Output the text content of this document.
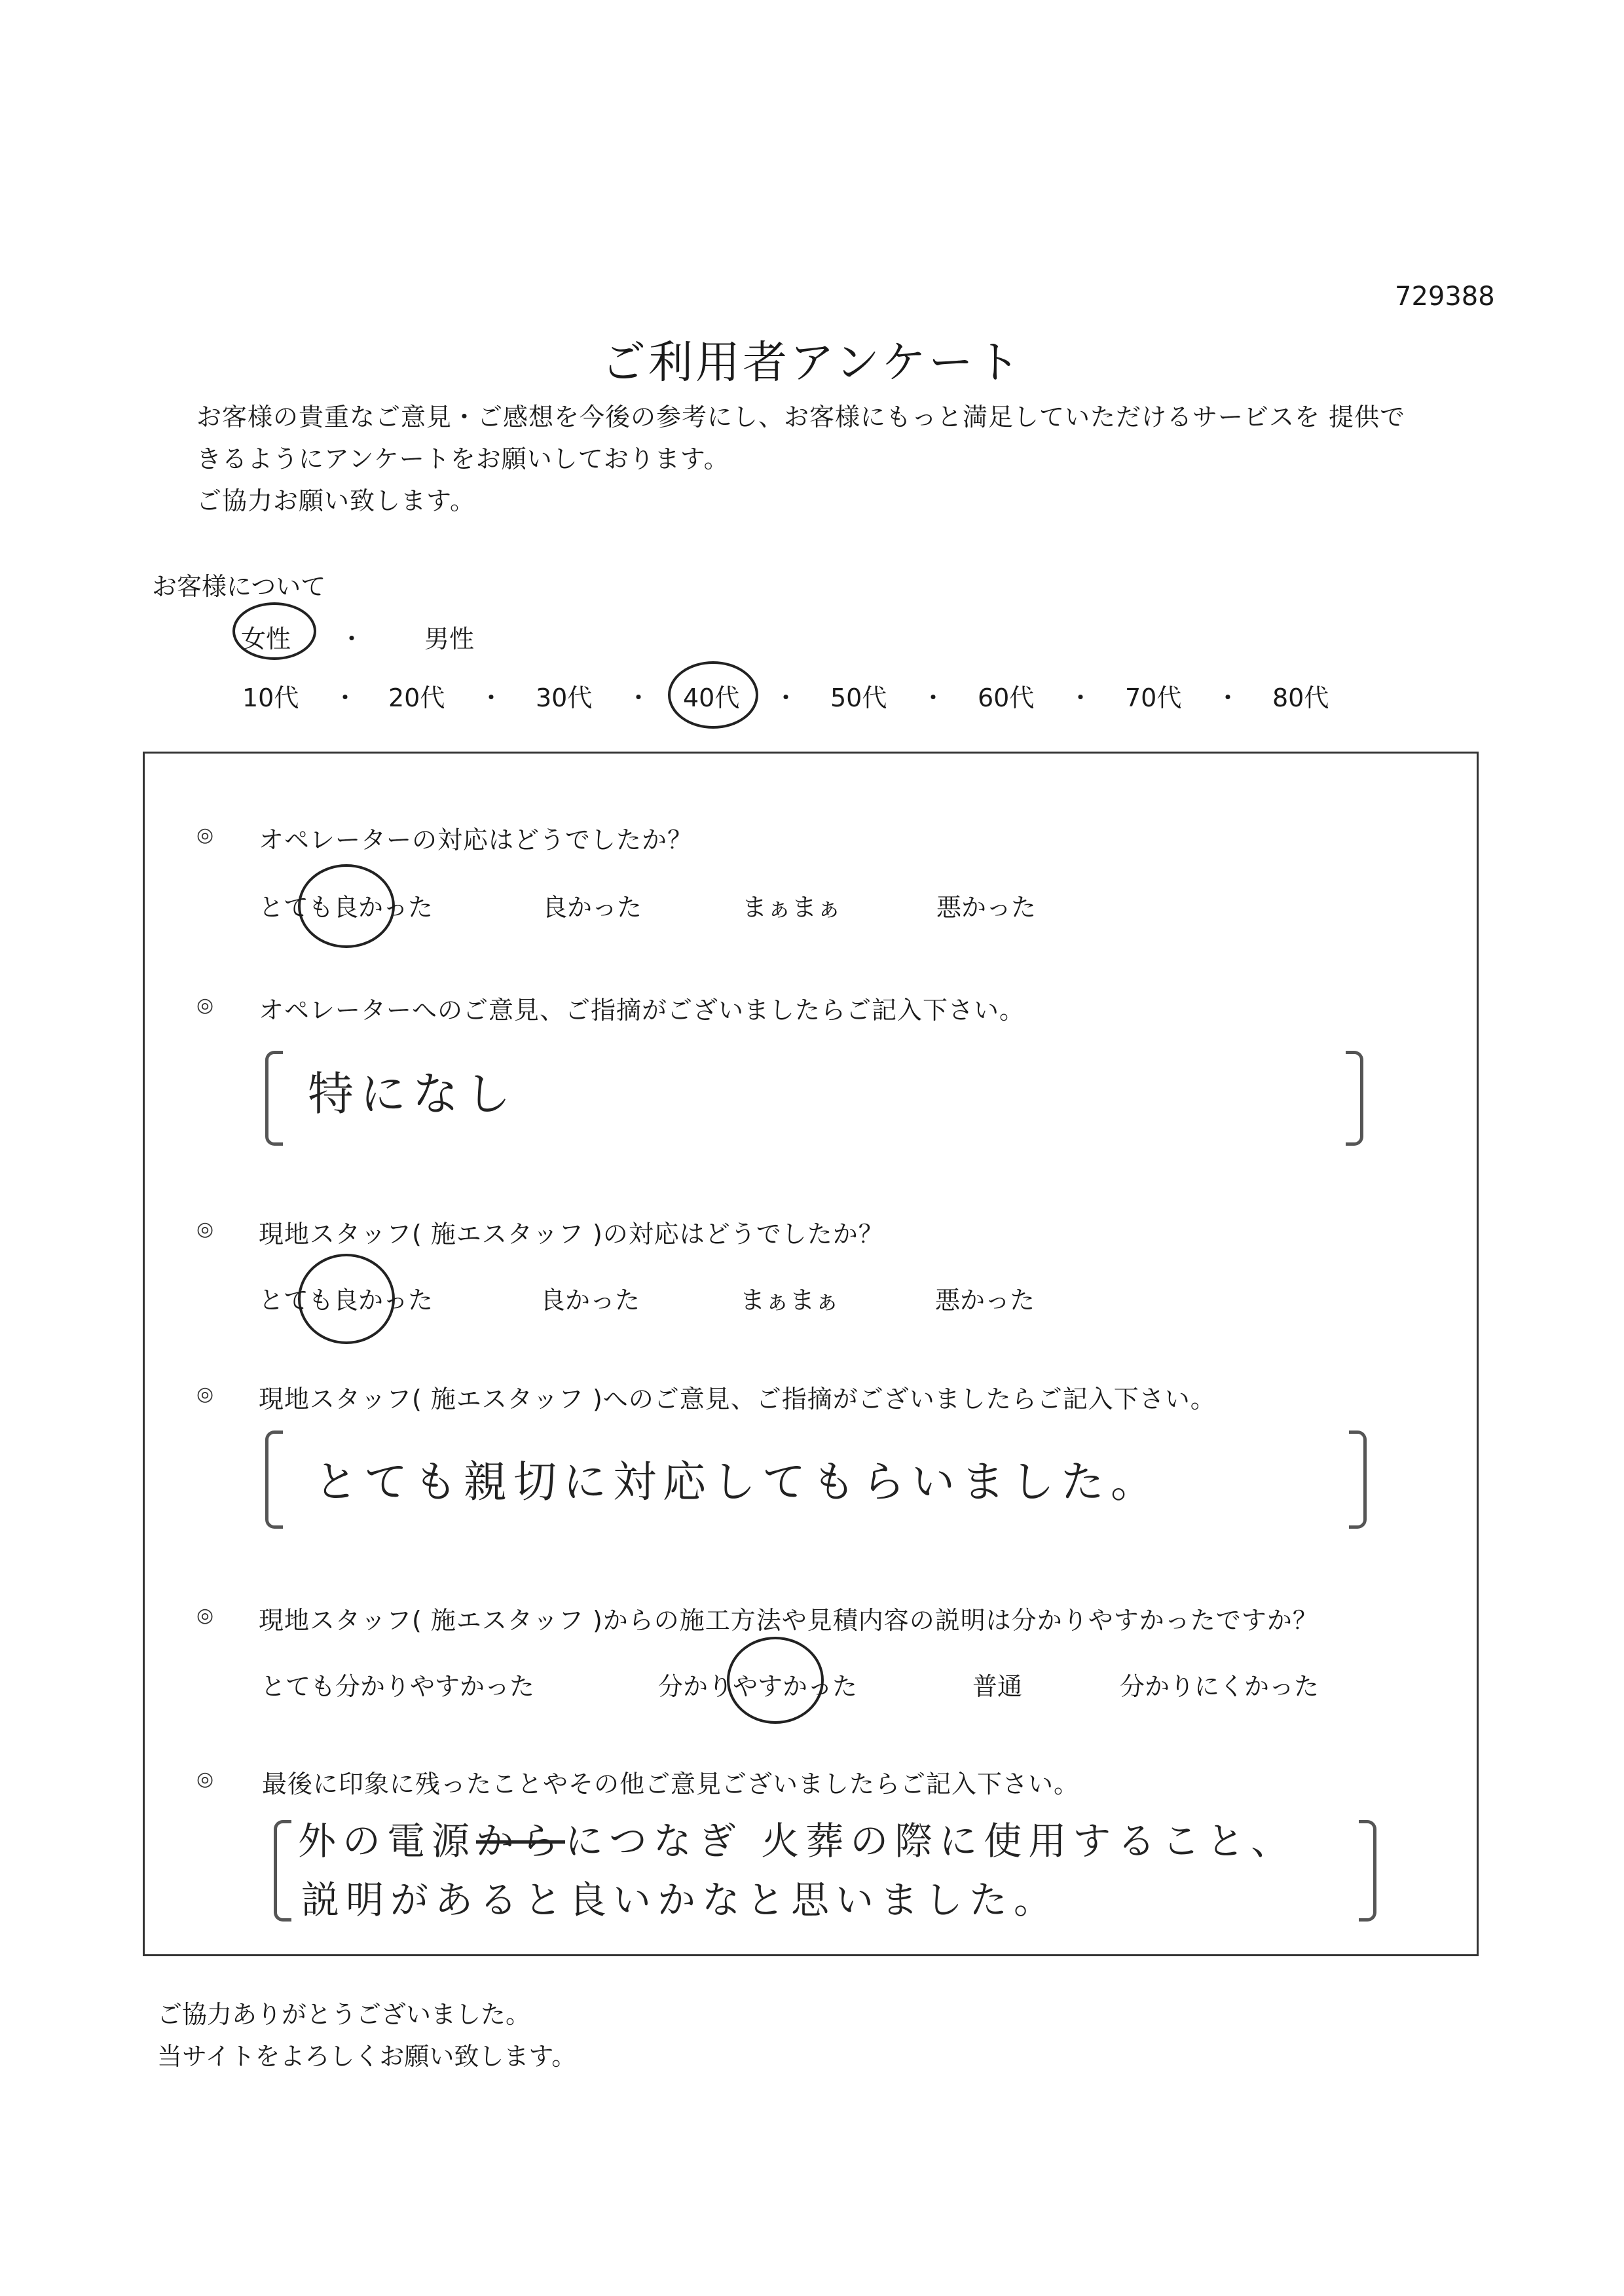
729388
ご利用者アンケート

お客様の貴重なご意見・ご感想を今後の参考にし、お客様にもっと満足していただけるサービスを 提供で

きるようにアンケートをお願いしております。

ご協力お願い致します。

お客様について
女性 ・ 男性
10代 ・ 20代 ・ 30代 ・ 40代 ・ 50代 ・ 60代 ・ 70代 ・ 80代
◎ オペレーターの対応はどうでしたか？
とても良かった	良かった	まぁまぁ	悪かった
◎ オペレーターへのご意見、ご指摘がございましたらご記入下さい。
特になし
◎ 現地スタッフ( 施エスタッフ )の対応はどうでしたか？
とても良かった	良かった	まぁまぁ	悪かった
◎ 現地スタッフ( 施エスタッフ )へのご意見、ご指摘がございましたらご記入下さい。
とても親切に対応してもらいました。
◎ 現地スタッフ( 施エスタッフ )からの施工方法や見積内容の説明は分かりやすかったですか？
とても分かりやすかった	分かりやすかった	普通	分かりにくかった
◎ 最後に印象に残ったことやその他ご意見ございましたらご記入下さい。
外の電源からにつなぎ 火葬の際に使用すること、
説明があると良いかなと思いました。

ご協力ありがとうございました。

当サイトをよろしくお願い致します。
